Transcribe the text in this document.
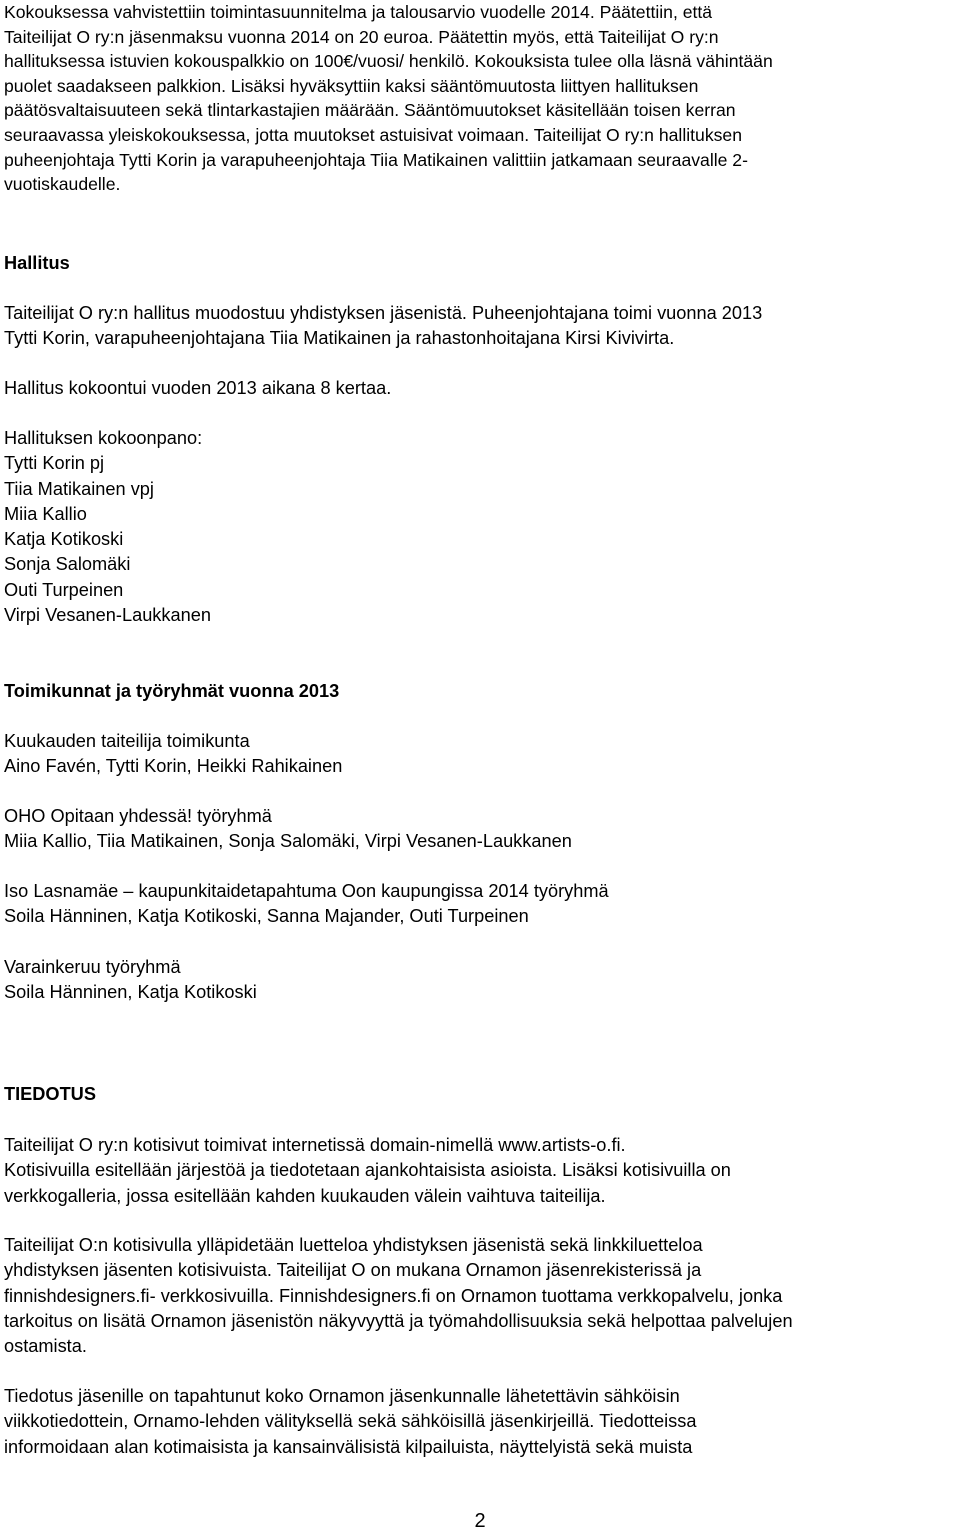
Kokouksessa vahvistettiin toimintasuunnitelma ja talousarvio vuodelle 2014. Päätettiin, että
Taiteilijat O ry:n jäsenmaksu vuonna 2014 on 20 euroa. Päätettin myös, että Taiteilijat O ry:n
hallituksessa istuvien kokouspalkkio on 100€/vuosi/ henkilö. Kokouksista tulee olla läsnä vähintään
puolet saadakseen palkkion. Lisäksi hyväksyttiin kaksi sääntömuutosta liittyen hallituksen
päätösvaltaisuuteen sekä tlintarkastajien määrään. Sääntömuutokset käsitellään toisen kerran
seuraavassa yleiskokouksessa, jotta muutokset astuisivat voimaan. Taiteilijat O ry:n hallituksen
puheenjohtaja Tytti Korin ja varapuheenjohtaja Tiia Matikainen valittiin jatkamaan seuraavalle 2-
vuotiskaudelle.

Hallitus

Taiteilijat O ry:n hallitus muodostuu yhdistyksen jäsenistä. Puheenjohtajana toimi vuonna 2013
Tytti Korin, varapuheenjohtajana Tiia Matikainen ja rahastonhoitajana Kirsi Kivivirta.

Hallitus kokoontui vuoden 2013 aikana 8 kertaa.

Hallituksen kokoonpano:
Tytti Korin pj
Tiia Matikainen vpj
Miia Kallio
Katja Kotikoski
Sonja Salomäki
Outi Turpeinen
Virpi Vesanen-Laukkanen

Toimikunnat ja työryhmät vuonna 2013

Kuukauden taiteilija toimikunta
Aino Favén, Tytti Korin, Heikki Rahikainen

OHO Opitaan yhdessä! työryhmä
Miia Kallio, Tiia Matikainen, Sonja Salomäki, Virpi Vesanen-Laukkanen

Iso Lasnamäe – kaupunkitaidetapahtuma Oon kaupungissa 2014 työryhmä
Soila Hänninen, Katja Kotikoski, Sanna Majander, Outi Turpeinen

Varainkeruu työryhmä
Soila Hänninen, Katja Kotikoski

TIEDOTUS

Taiteilijat O ry:n kotisivut toimivat internetissä domain-nimellä www.artists-o.fi.
Kotisivuilla esitellään järjestöä ja tiedotetaan ajankohtaisista asioista. Lisäksi kotisivuilla on
verkkogalleria, jossa esitellään kahden kuukauden välein vaihtuva taiteilija.

Taiteilijat O:n kotisivulla ylläpidetään luetteloa yhdistyksen jäsenistä sekä linkkiluetteloa
yhdistyksen jäsenten kotisivuista. Taiteilijat O on mukana Ornamon jäsenrekisterissä ja
finnishdesigners.fi- verkkosivuilla. Finnishdesigners.fi on Ornamon tuottama verkkopalvelu, jonka
tarkoitus on lisätä Ornamon jäsenistön näkyvyyttä ja työmahdollisuuksia sekä helpottaa palvelujen
ostamista.

Tiedotus jäsenille on tapahtunut koko Ornamon jäsenkunnalle lähetettävin sähköisin
viikkotiedottein, Ornamo-lehden välityksellä sekä sähköisillä jäsenkirjeillä. Tiedotteissa
informoidaan alan kotimaisista ja kansainvälisistä kilpailuista, näyttelyistä sekä muista

2
